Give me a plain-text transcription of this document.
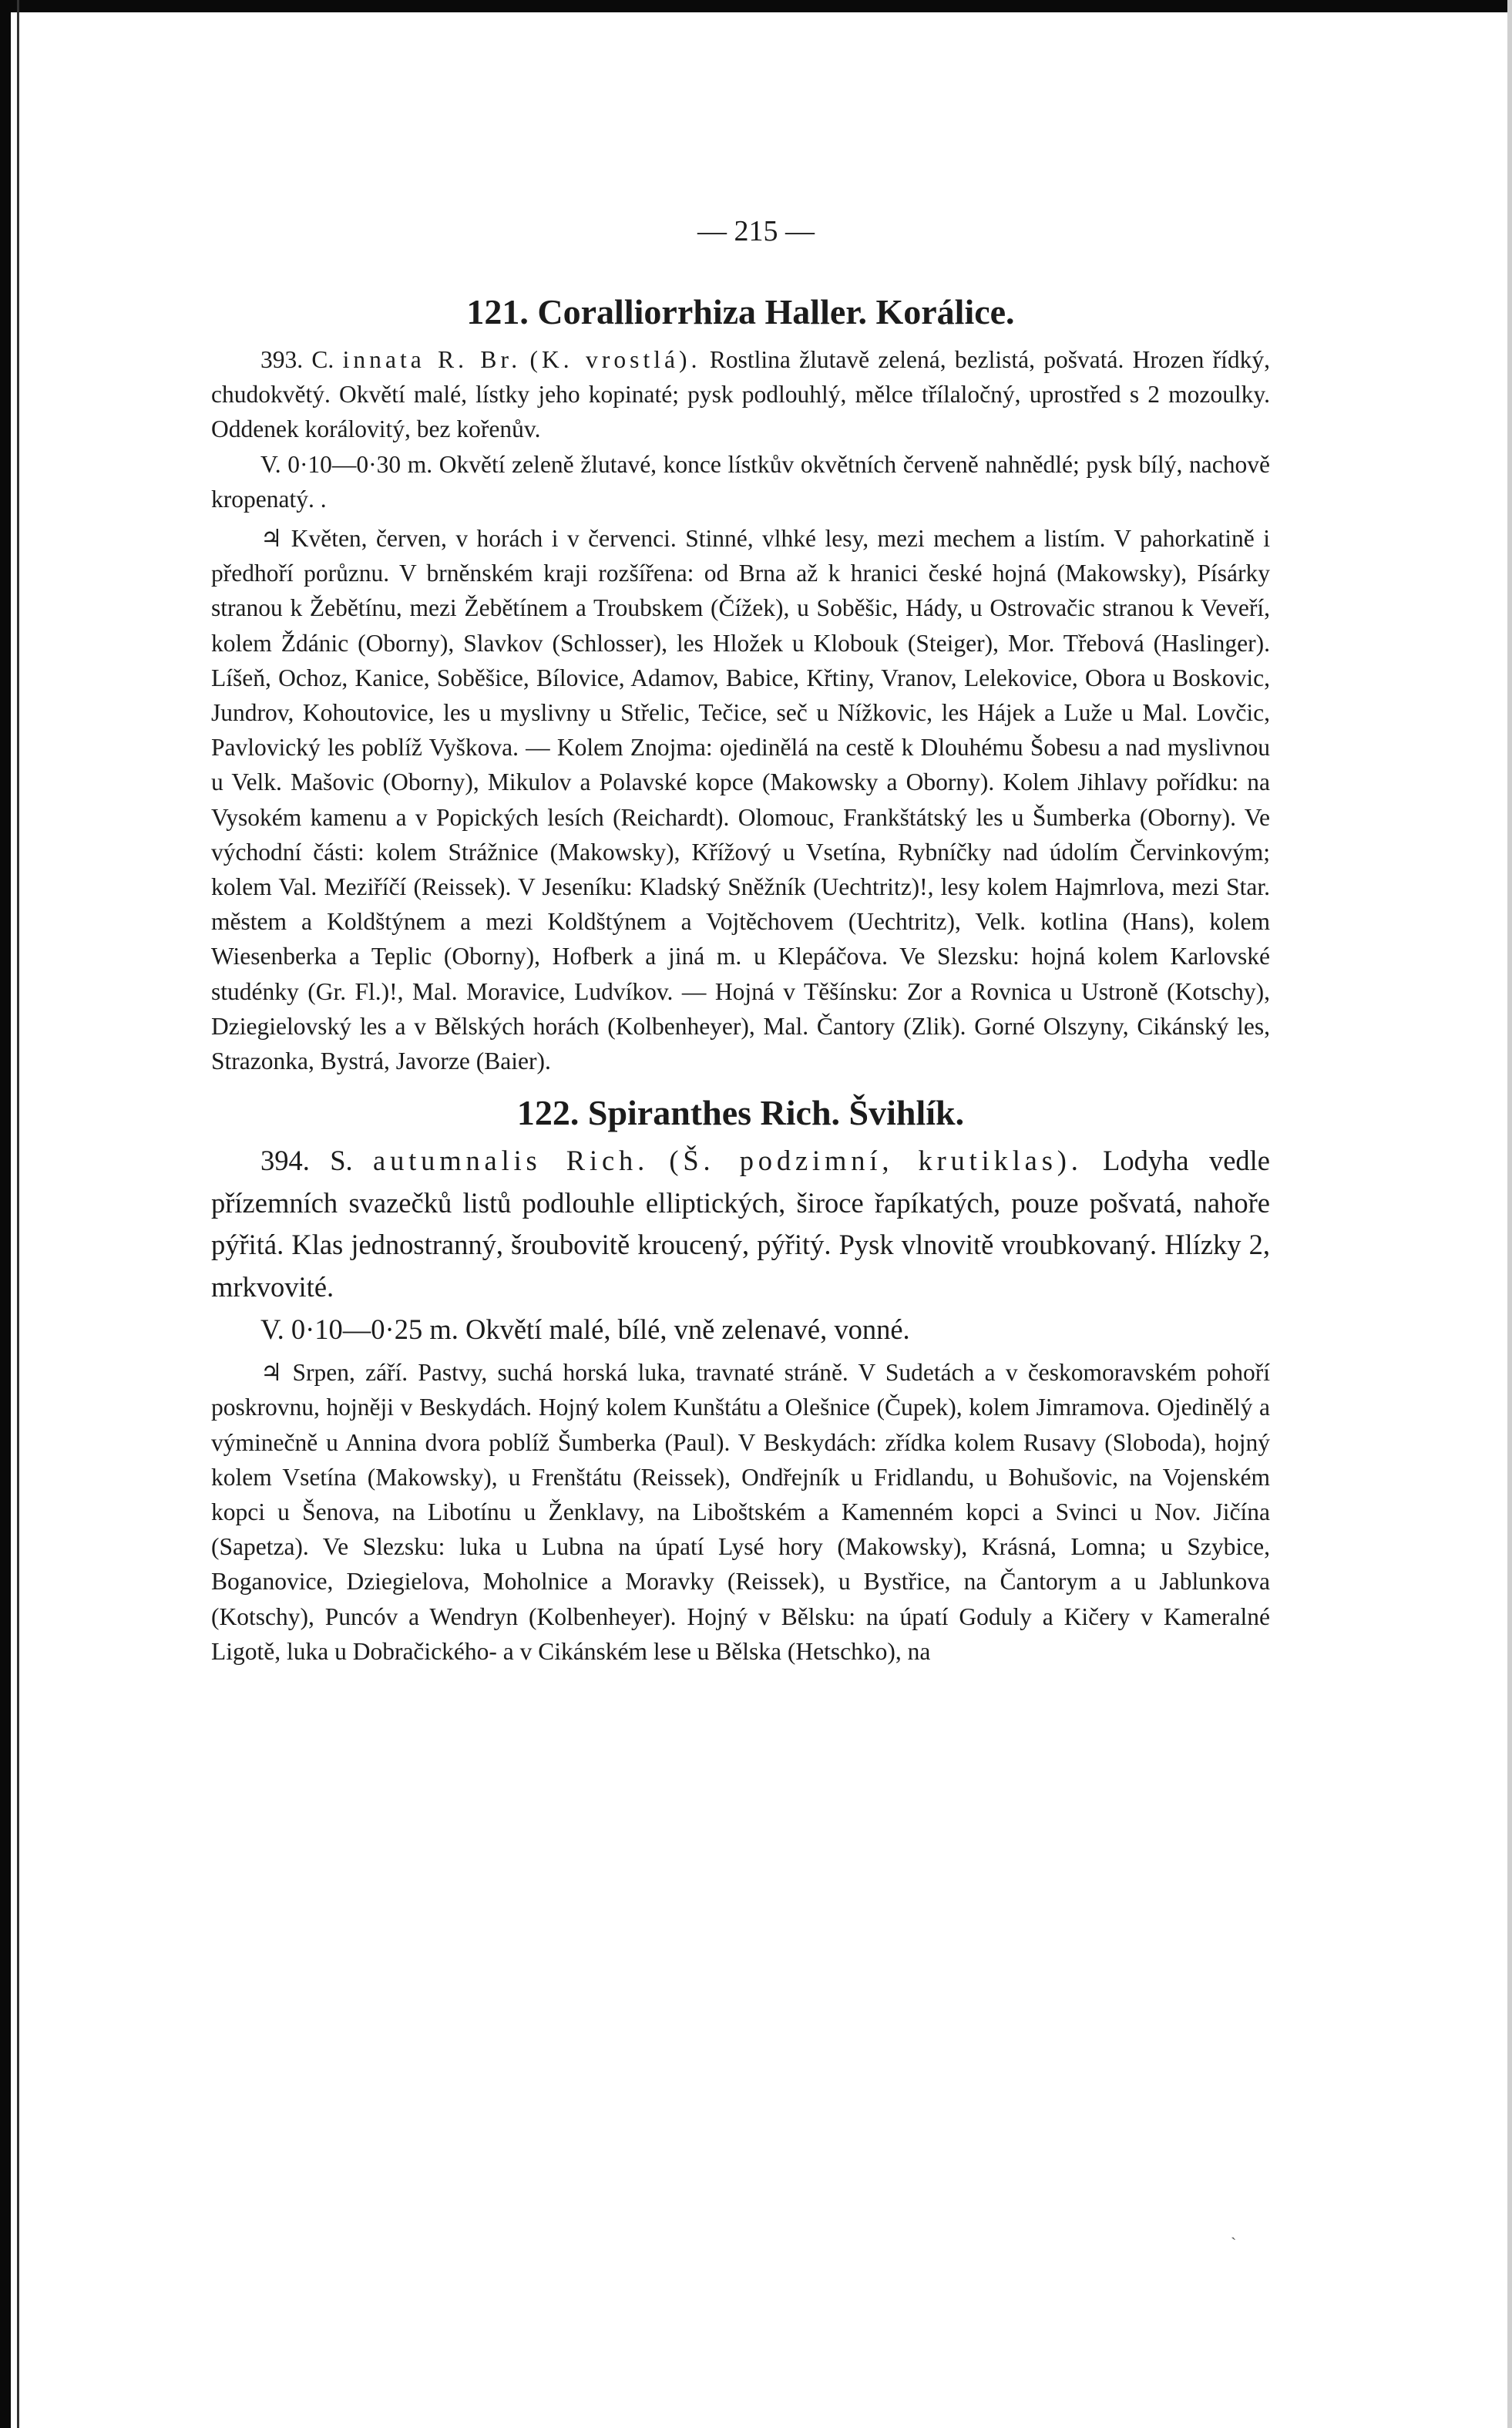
— 215 —
121. Coralliorrhiza Haller. Korálice.

393. C. innata R. Br. (K. vrostlá). Rostlina žlutavě zelená, bezlistá, pošvatá. Hrozen řídký, chudokvětý. Okvětí malé, lístky jeho kopinaté; pysk podlouhlý, mělce třílaločný, uprostřed s 2 mozoulky. Oddenek korálovitý, bez kořenův.

V. 0·10—0·30 m. Okvětí zeleně žlutavé, konce lístkův okvětních červeně nahnědlé; pysk bílý, nachově kropenatý. .

♃ Květen, červen, v horách i v červenci. Stinné, vlhké lesy, mezi mechem a listím. V pahorkatině i předhoří porůznu. V brněnském kraji rozšířena: od Brna až k hranici české hojná (Makowsky), Písárky stranou k Žebětínu, mezi Žebětínem a Troubskem (Čížek), u Soběšic, Hády, u Ostrovačic stranou k Veveří, kolem Ždánic (Oborny), Slavkov (Schlosser), les Hložek u Klobouk (Steiger), Mor. Třebová (Haslinger). Líšeň, Ochoz, Kanice, Soběšice, Bílovice, Adamov, Babice, Křtiny, Vranov, Lelekovice, Obora u Boskovic, Jundrov, Kohoutovice, les u myslivny u Střelic, Tečice, seč u Nížkovic, les Hájek a Luže u Mal. Lovčic, Pavlovický les poblíž Vyškova. — Kolem Znojma: ojedinělá na cestě k Dlouhému Šobesu a nad myslivnou u Velk. Mašovic (Oborny), Mikulov a Polavské kopce (Makowsky a Oborny). Kolem Jihlavy pořídku: na Vysokém kamenu a v Popických lesích (Reichardt). Olomouc, Frankštátský les u Šumberka (Oborny). Ve východní části: kolem Strážnice (Makowsky), Křížový u Vsetína, Rybníčky nad údolím Červinkovým; kolem Val. Meziříčí (Reissek). V Jeseníku: Kladský Sněžník (Uechtritz)!, lesy kolem Hajmrlova, mezi Star. městem a Koldštýnem a mezi Koldštýnem a Vojtěchovem (Uechtritz), Velk. kotlina (Hans), kolem Wiesenberka a Teplic (Oborny), Hofberk a jiná m. u Klepáčova. Ve Slezsku: hojná kolem Karlovské studénky (Gr. Fl.)!, Mal. Moravice, Ludvíkov. — Hojná v Těšínsku: Zor a Rovnica u Ustroně (Kotschy), Dziegielovský les a v Bělských horách (Kolbenheyer), Mal. Čantory (Zlik). Gorné Olszyny, Cikánský les, Strazonka, Bystrá, Javorze (Baier).

122. Spiranthes Rich. Švihlík.

394. S. autumnalis Rich. (Š. podzimní, krutiklas). Lodyha vedle přízemních svazečků listů podlouhle elliptických, široce řapíkatých, pouze pošvatá, nahoře pýřitá. Klas jednostranný, šroubovitě kroucený, pýřitý. Pysk vlnovitě vroubkovaný. Hlízky 2, mrkvovité.

V. 0·10—0·25 m. Okvětí malé, bílé, vně zelenavé, vonné.

♃ Srpen, září. Pastvy, suchá horská luka, travnaté stráně. V Sudetách a v českomoravském pohoří poskrovnu, hojněji v Beskydách. Hojný kolem Kunštátu a Olešnice (Čupek), kolem Jimramova. Ojedinělý a výminečně u Annina dvora poblíž Šumberka (Paul). V Beskydách: zřídka kolem Rusavy (Sloboda), hojný kolem Vsetína (Makowsky), u Frenštátu (Reissek), Ondřejník u Fridlandu, u Bohušovic, na Vojenském kopci u Šenova, na Libotínu u Ženklavy, na Liboštském a Kamenném kopci a Svinci u Nov. Jičína (Sapetza). Ve Slezsku: luka u Lubna na úpatí Lysé hory (Makowsky), Krásná, Lomna; u Szybice, Boganovice, Dziegielova, Moholnice a Moravky (Reissek), u Bystřice, na Čantorym a u Jablunkova (Kotschy), Puncóv a Wendryn (Kolbenheyer). Hojný v Bělsku: na úpatí Goduly a Kičery v Kameralné Ligotě, luka u Dobračického- a v Cikánském lese u Bělska (Hetschko), na

`
